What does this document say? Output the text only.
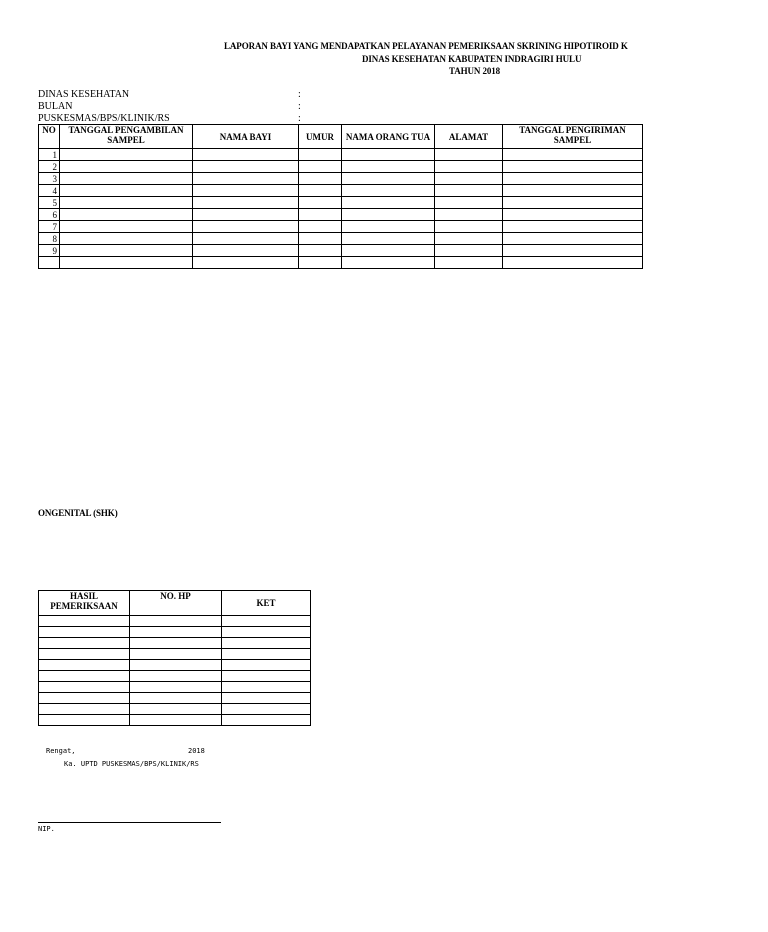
LAPORAN BAYI YANG MENDAPATKAN PELAYANAN PEMERIKSAAN SKRINING HIPOTIROID K
DINAS KESEHATAN KABUPATEN INDRAGIRI HULU
TAHUN 2018
DINAS KESEHATAN	:
BULAN	:
PUSKESMAS/BPS/KLINIK/RS	:
NO	TANGGAL PENGAMBILAN SAMPEL	NAMA BAYI	UMUR	NAMA ORANG TUA	ALAMAT	TANGGAL PENGIRIMAN SAMPEL
1						
2						
3						
4						
5						
6						
7						
8						
9						

ONGENITAL (SHK)
HASIL PEMERIKSAAN	NO. HP	KET

Rengat,	2018
Ka. UPTD PUSKESMAS/BPS/KLINIK/RS
NIP.
